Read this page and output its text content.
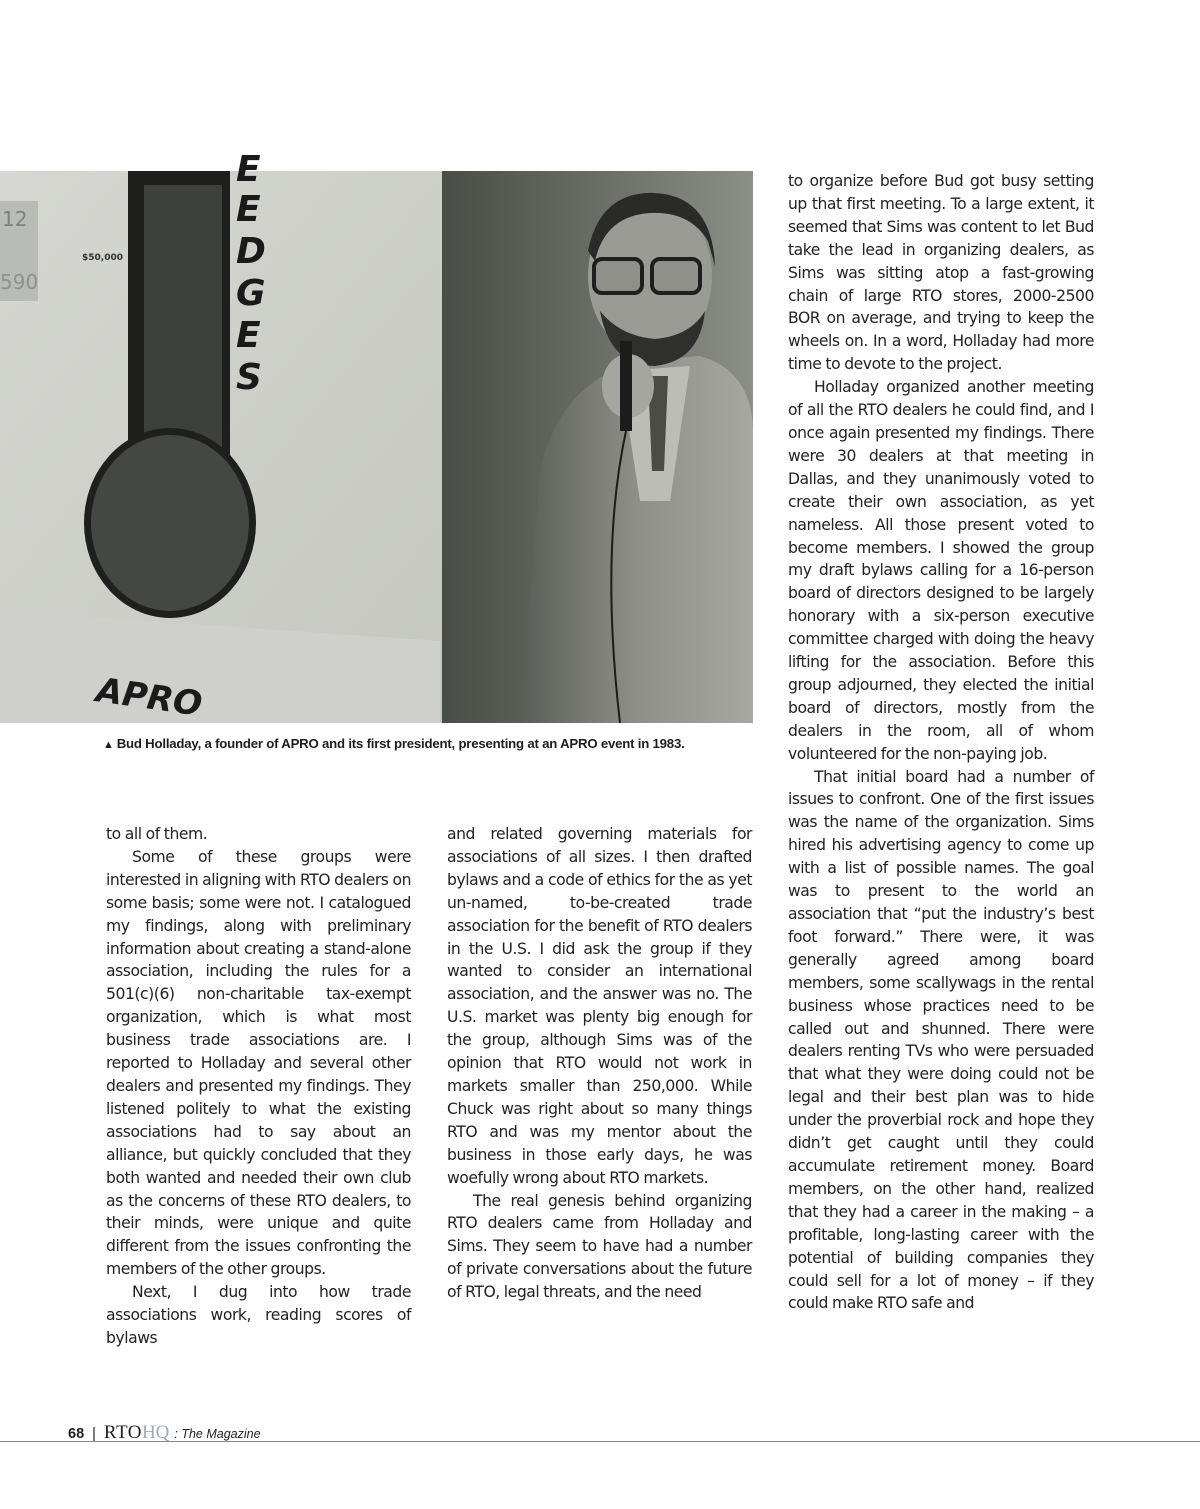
12
590
$50,000
E
E
D
G
E
S
APRO
▲ Bud Holladay, a founder of APRO and its first president, presenting at an APRO event in 1983.

to all of them.

Some of these groups were interested in aligning with RTO dealers on some basis; some were not. I catalogued my findings, along with preliminary information about creating a stand-alone association, including the rules for a 501(c)(6) non-charitable tax-exempt organization, which is what most business trade associations are. I reported to Holladay and several other dealers and presented my findings. They listened politely to what the existing associations had to say about an alliance, but quickly concluded that they both wanted and needed their own club as the concerns of these RTO dealers, to their minds, were unique and quite different from the issues confronting the members of the other groups.

Next, I dug into how trade associations work, reading scores of bylaws

and related governing materials for associations of all sizes. I then drafted bylaws and a code of ethics for the as yet un-named, to-be-created trade association for the benefit of RTO dealers in the U.S. I did ask the group if they wanted to consider an international association, and the answer was no. The U.S. market was plenty big enough for the group, although Sims was of the opinion that RTO would not work in markets smaller than 250,000. While Chuck was right about so many things RTO and was my mentor about the business in those early days, he was woefully wrong about RTO markets.

The real genesis behind organizing RTO dealers came from Holladay and Sims. They seem to have had a number of private conversations about the future of RTO, legal threats, and the need

to organize before Bud got busy setting up that first meeting. To a large extent, it seemed that Sims was content to let Bud take the lead in organizing dealers, as Sims was sitting atop a fast-growing chain of large RTO stores, 2000-2500 BOR on average, and trying to keep the wheels on. In a word, Holladay had more time to devote to the project.

Holladay organized another meeting of all the RTO dealers he could find, and I once again presented my findings. There were 30 dealers at that meeting in Dallas, and they unanimously voted to create their own association, as yet nameless. All those present voted to become members. I showed the group my draft bylaws calling for a 16-person board of directors designed to be largely honorary with a six-person executive committee charged with doing the heavy lifting for the association. Before this group adjourned, they elected the initial board of directors, mostly from the dealers in the room, all of whom volunteered for the non-paying job.

That initial board had a number of issues to confront. One of the first issues was the name of the organization. Sims hired his advertising agency to come up with a list of possible names. The goal was to present to the world an association that “put the industry’s best foot forward.” There were, it was generally agreed among board members, some scallywags in the rental business whose practices need to be called out and shunned. There were dealers renting TVs who were persuaded that what they were doing could not be legal and their best plan was to hide under the proverbial rock and hope they didn’t get caught until they could accumulate retirement money. Board members, on the other hand, realized that they had a career in the making – a profitable, long-lasting career with the potential of building companies they could sell for a lot of money – if they could make RTO safe and

68 | RTO HQ : The Magazine
